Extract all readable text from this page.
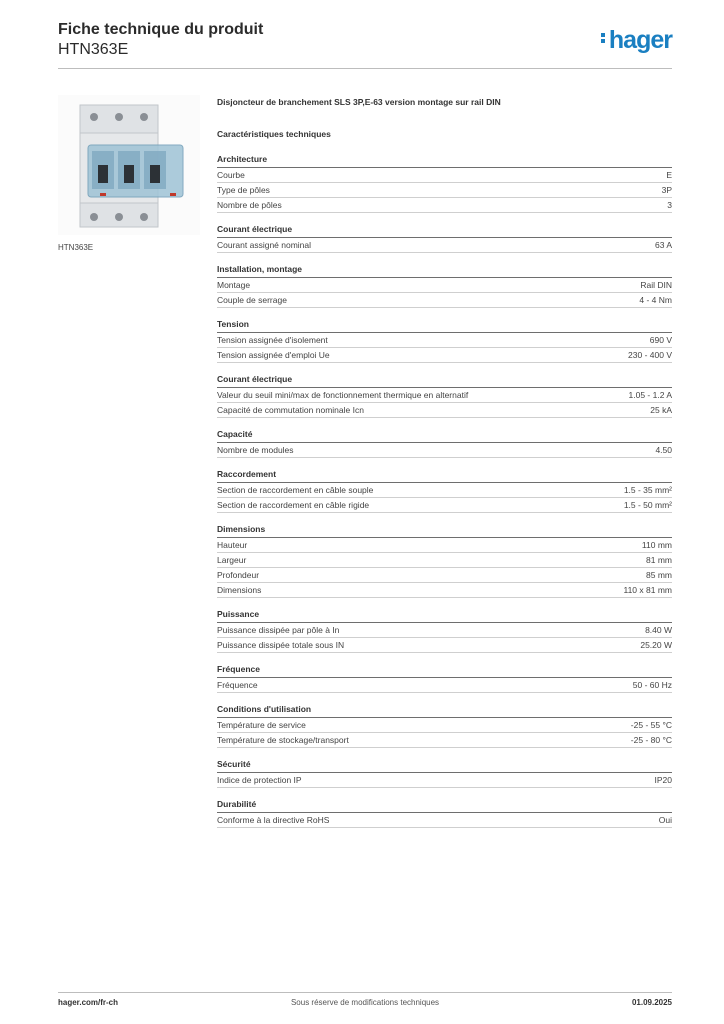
Fiche technique du produit
HTN363E	hager
HTN363E
Disjoncteur de branchement SLS 3P,E-63 version montage sur rail DIN
Caractéristiques techniques
Architecture
Courbe	E
Type de pôles	3P
Nombre de pôles	3
Courant électrique
Courant assigné nominal	63 A
Installation, montage
Montage	Rail DIN
Couple de serrage	4 - 4 Nm
Tension
Tension assignée d'isolement	690 V
Tension assignée d'emploi Ue	230 - 400 V
Courant électrique
Valeur du seuil mini/max de fonctionnement thermique en alternatif	1.05 - 1.2 A
Capacité de commutation nominale Icn	25 kA
Capacité
Nombre de modules	4.50
Raccordement
Section de raccordement en câble souple	1.5 - 35 mm²
Section de raccordement en câble rigide	1.5 - 50 mm²
Dimensions
Hauteur	110 mm
Largeur	81 mm
Profondeur	85 mm
Dimensions	110 x 81 mm
Puissance
Puissance dissipée par pôle à In	8.40 W
Puissance dissipée totale sous IN	25.20 W
Fréquence
Fréquence	50 - 60 Hz
Conditions d'utilisation
Température de service	-25 - 55 °C
Température de stockage/transport	-25 - 80 °C
Sécurité
Indice de protection IP	IP20
Durabilité
Conforme à la directive RoHS	Oui
hager.com/fr-ch	Sous réserve de modifications techniques	01.09.2025
